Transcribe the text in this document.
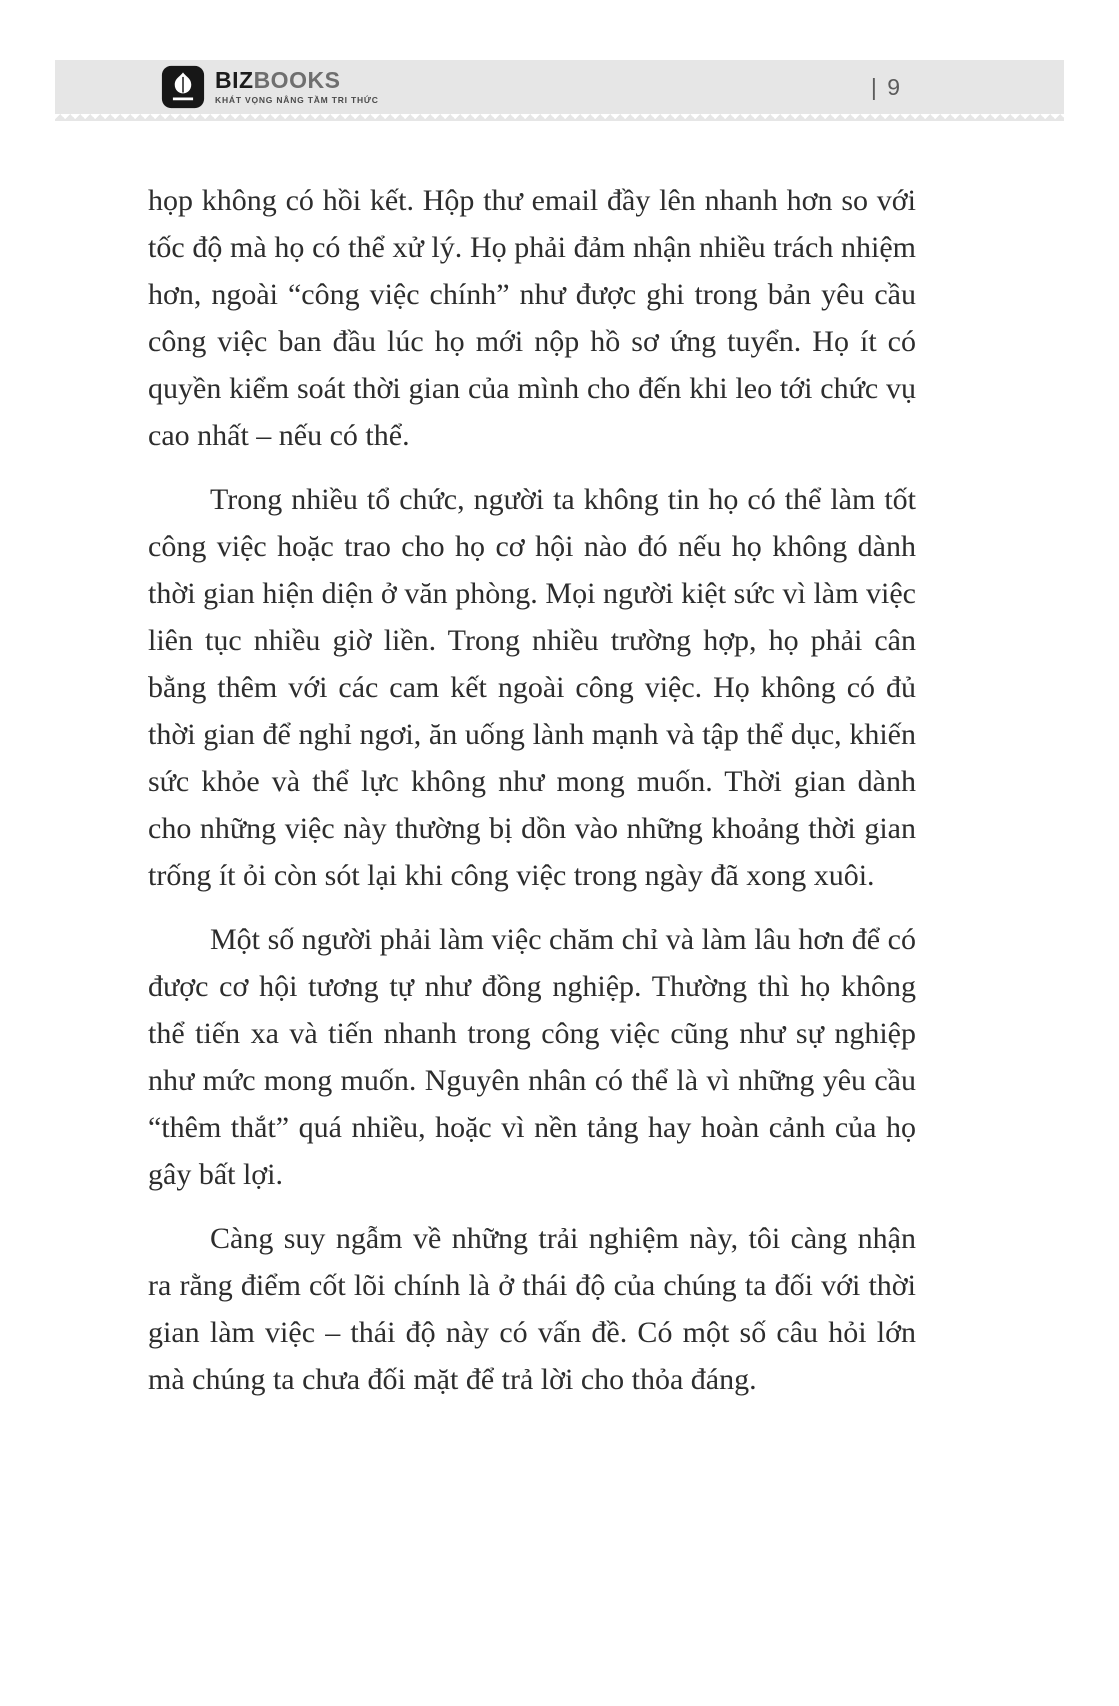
BIZBOOKS
KHÁT VỌNG NÂNG TẦM TRI THỨC
| 9

họp không có hồi kết. Hộp thư email đầy lên nhanh hơn so với tốc độ mà họ có thể xử lý. Họ phải đảm nhận nhiều trách nhiệm hơn, ngoài “công việc chính” như được ghi trong bản yêu cầu công việc ban đầu lúc họ mới nộp hồ sơ ứng tuyển. Họ ít có quyền kiểm soát thời gian của mình cho đến khi leo tới chức vụ cao nhất – nếu có thể.

Trong nhiều tổ chức, người ta không tin họ có thể làm tốt công việc hoặc trao cho họ cơ hội nào đó nếu họ không dành thời gian hiện diện ở văn phòng. Mọi người kiệt sức vì làm việc liên tục nhiều giờ liền. Trong nhiều trường hợp, họ phải cân bằng thêm với các cam kết ngoài công việc. Họ không có đủ thời gian để nghỉ ngơi, ăn uống lành mạnh và tập thể dục, khiến sức khỏe và thể lực không như mong muốn. Thời gian dành cho những việc này thường bị dồn vào những khoảng thời gian trống ít ỏi còn sót lại khi công việc trong ngày đã xong xuôi.

Một số người phải làm việc chăm chỉ và làm lâu hơn để có được cơ hội tương tự như đồng nghiệp. Thường thì họ không thể tiến xa và tiến nhanh trong công việc cũng như sự nghiệp như mức mong muốn. Nguyên nhân có thể là vì những yêu cầu “thêm thắt” quá nhiều, hoặc vì nền tảng hay hoàn cảnh của họ gây bất lợi.

Càng suy ngẫm về những trải nghiệm này, tôi càng nhận ra rằng điểm cốt lõi chính là ở thái độ của chúng ta đối với thời gian làm việc – thái độ này có vấn đề. Có một số câu hỏi lớn mà chúng ta chưa đối mặt để trả lời cho thỏa đáng.
